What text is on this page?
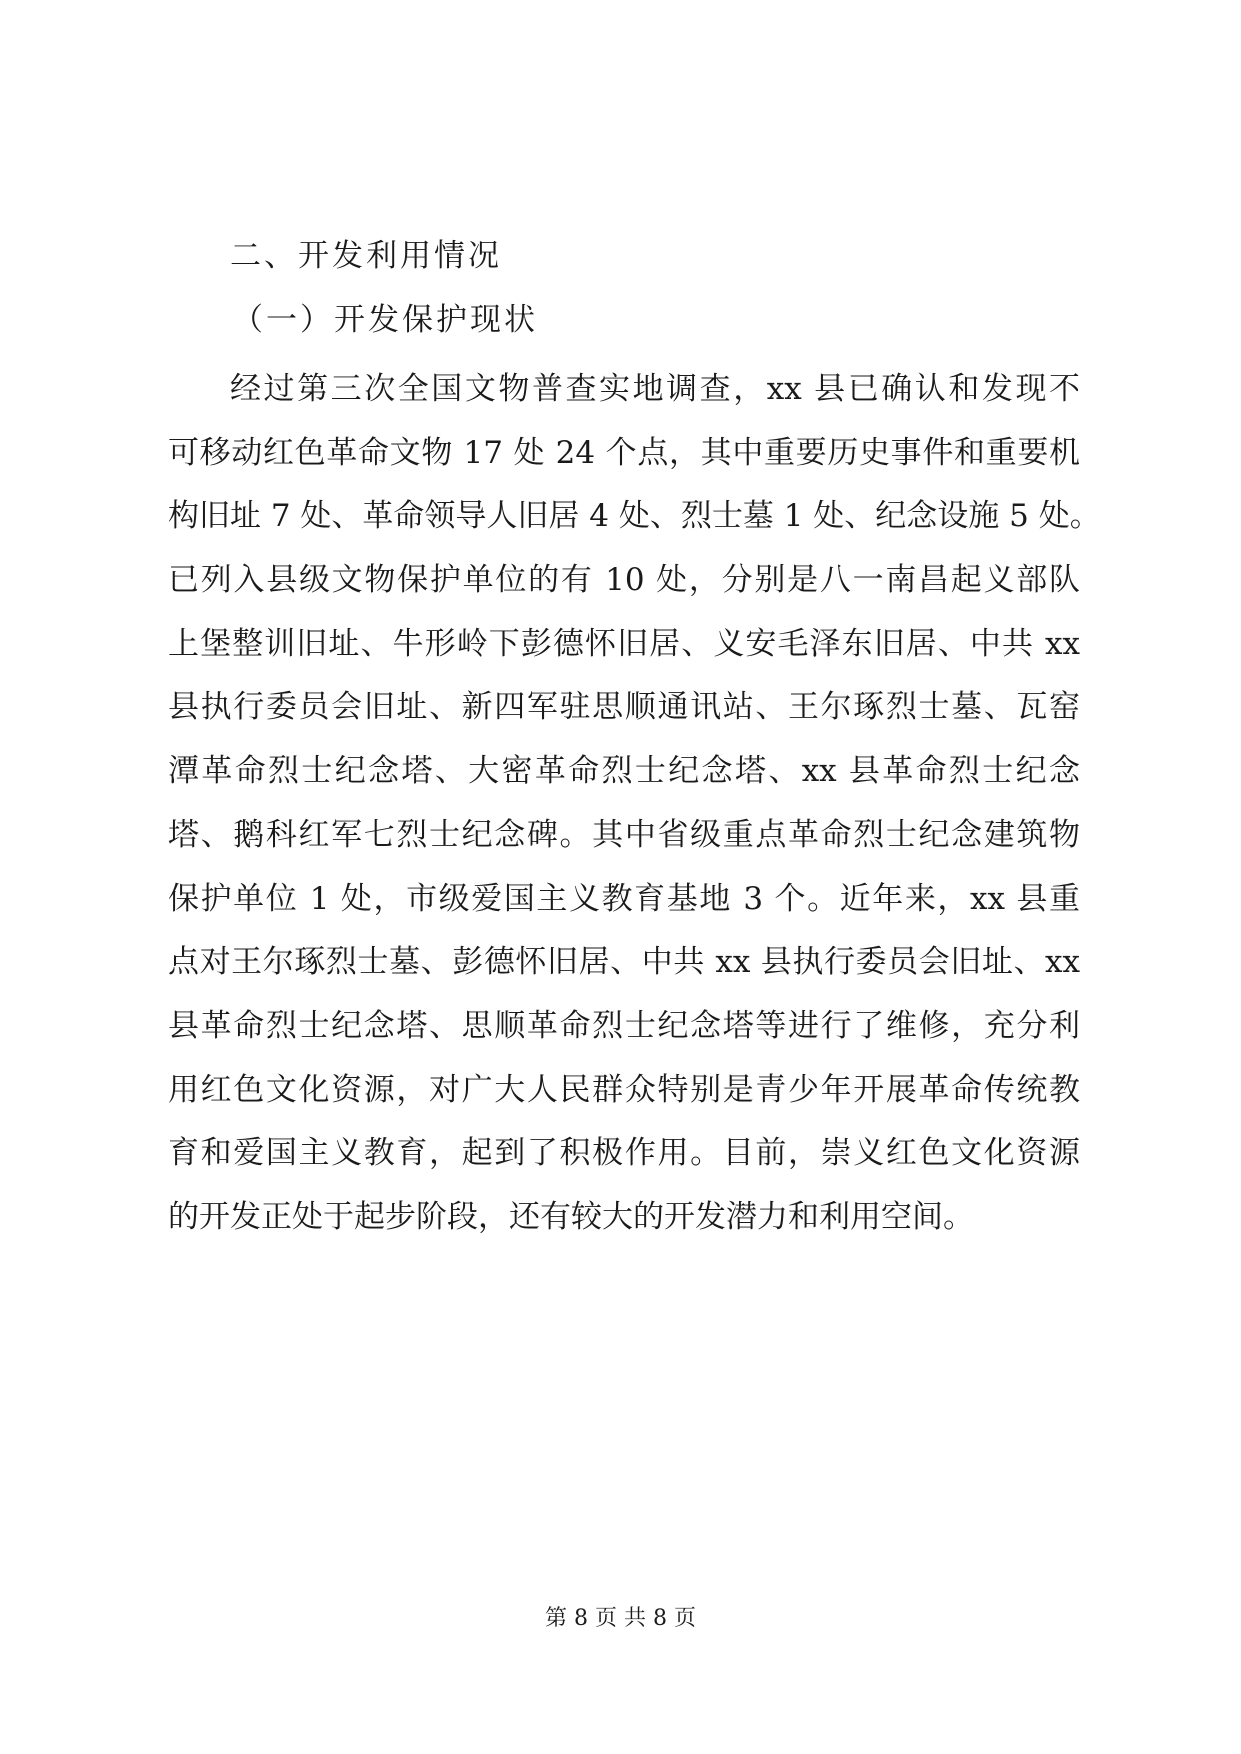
二、开发利用情况
（一）开发保护现状
经过第三次全国文物普查实地调查，xx 县已确认和发现不
可移动红色革命文物 17 处 24 个点，其中重要历史事件和重要机
构旧址 7 处、革命领导人旧居 4 处、烈士墓 1 处、纪念设施 5 处。
已列入县级文物保护单位的有 10 处，分别是八一南昌起义部队
上堡整训旧址、牛形岭下彭德怀旧居、义安毛泽东旧居、中共 xx
县执行委员会旧址、新四军驻思顺通讯站、王尔琢烈士墓、瓦窑
潭革命烈士纪念塔、大密革命烈士纪念塔、xx 县革命烈士纪念
塔、鹅科红军七烈士纪念碑。其中省级重点革命烈士纪念建筑物
保护单位 1 处，市级爱国主义教育基地 3 个。近年来，xx 县重
点对王尔琢烈士墓、彭德怀旧居、中共 xx 县执行委员会旧址、xx
县革命烈士纪念塔、思顺革命烈士纪念塔等进行了维修，充分利
用红色文化资源，对广大人民群众特别是青少年开展革命传统教
育和爱国主义教育，起到了积极作用。目前，崇义红色文化资源
的开发正处于起步阶段，还有较大的开发潜力和利用空间。
第 8 页 共 8 页
